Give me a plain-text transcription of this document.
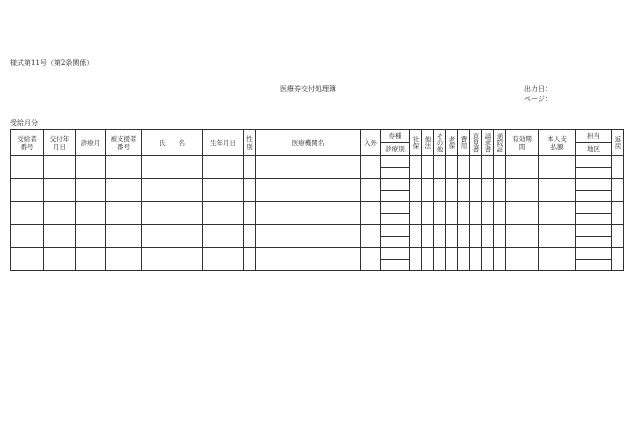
様式第11号（第2条関係）
医療券交付処理簿	出力日：
ページ：
受給月分
受給者番号	交付年月日	診療月	被支援者番号	氏　　名	生年月日	性別	医療機関名	入外	券種	社保	他法	その他	老保	費用	意見書	請求書	通院証	有効期間	本人支払額	担当	返戻

									診療別											地区	
